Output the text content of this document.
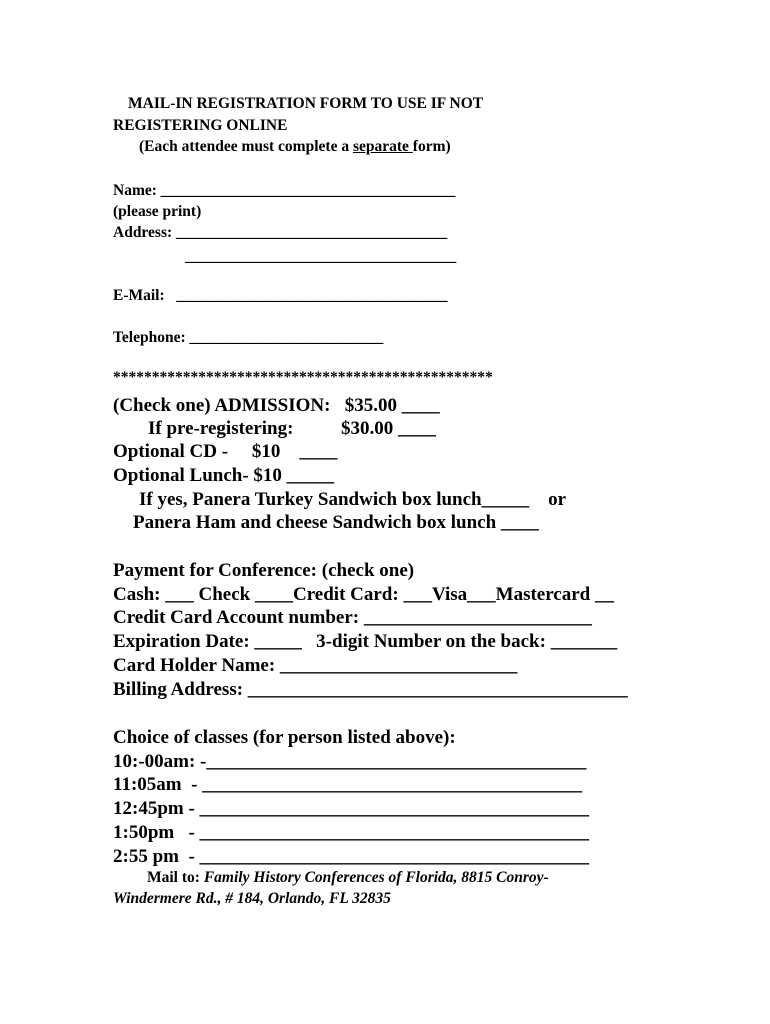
MAIL-IN REGISTRATION FORM TO USE IF NOT
REGISTERING ONLINE
(Each attendee must complete a separate form)
Name: ______________________________________
(please print)
Address: ___________________________________
___________________________________
E-Mail:   ___________________________________
Telephone: _________________________
*************************************************
(Check one) ADMISSION:   $35.00 ____
If pre-registering:          $30.00 ____
Optional CD -     $10    ____
Optional Lunch- $10 _____
If yes, Panera Turkey Sandwich box lunch_____    or
Panera Ham and cheese Sandwich box lunch ____
Payment for Conference: (check one)
Cash: ___ Check ____Credit Card: ___Visa___Mastercard __
Credit Card Account number: ________________________
Expiration Date: _____   3-digit Number on the back: _______
Card Holder Name: _________________________
Billing Address: ________________________________________
Choice of classes (for person listed above):
10:-00am: -________________________________________
11:05am  - ________________________________________
12:45pm - _________________________________________
1:50pm   - _________________________________________
2:55 pm  - _________________________________________
Mail to: Family History Conferences of Florida, 8815 Conroy-
Windermere Rd., # 184, Orlando, FL 32835
